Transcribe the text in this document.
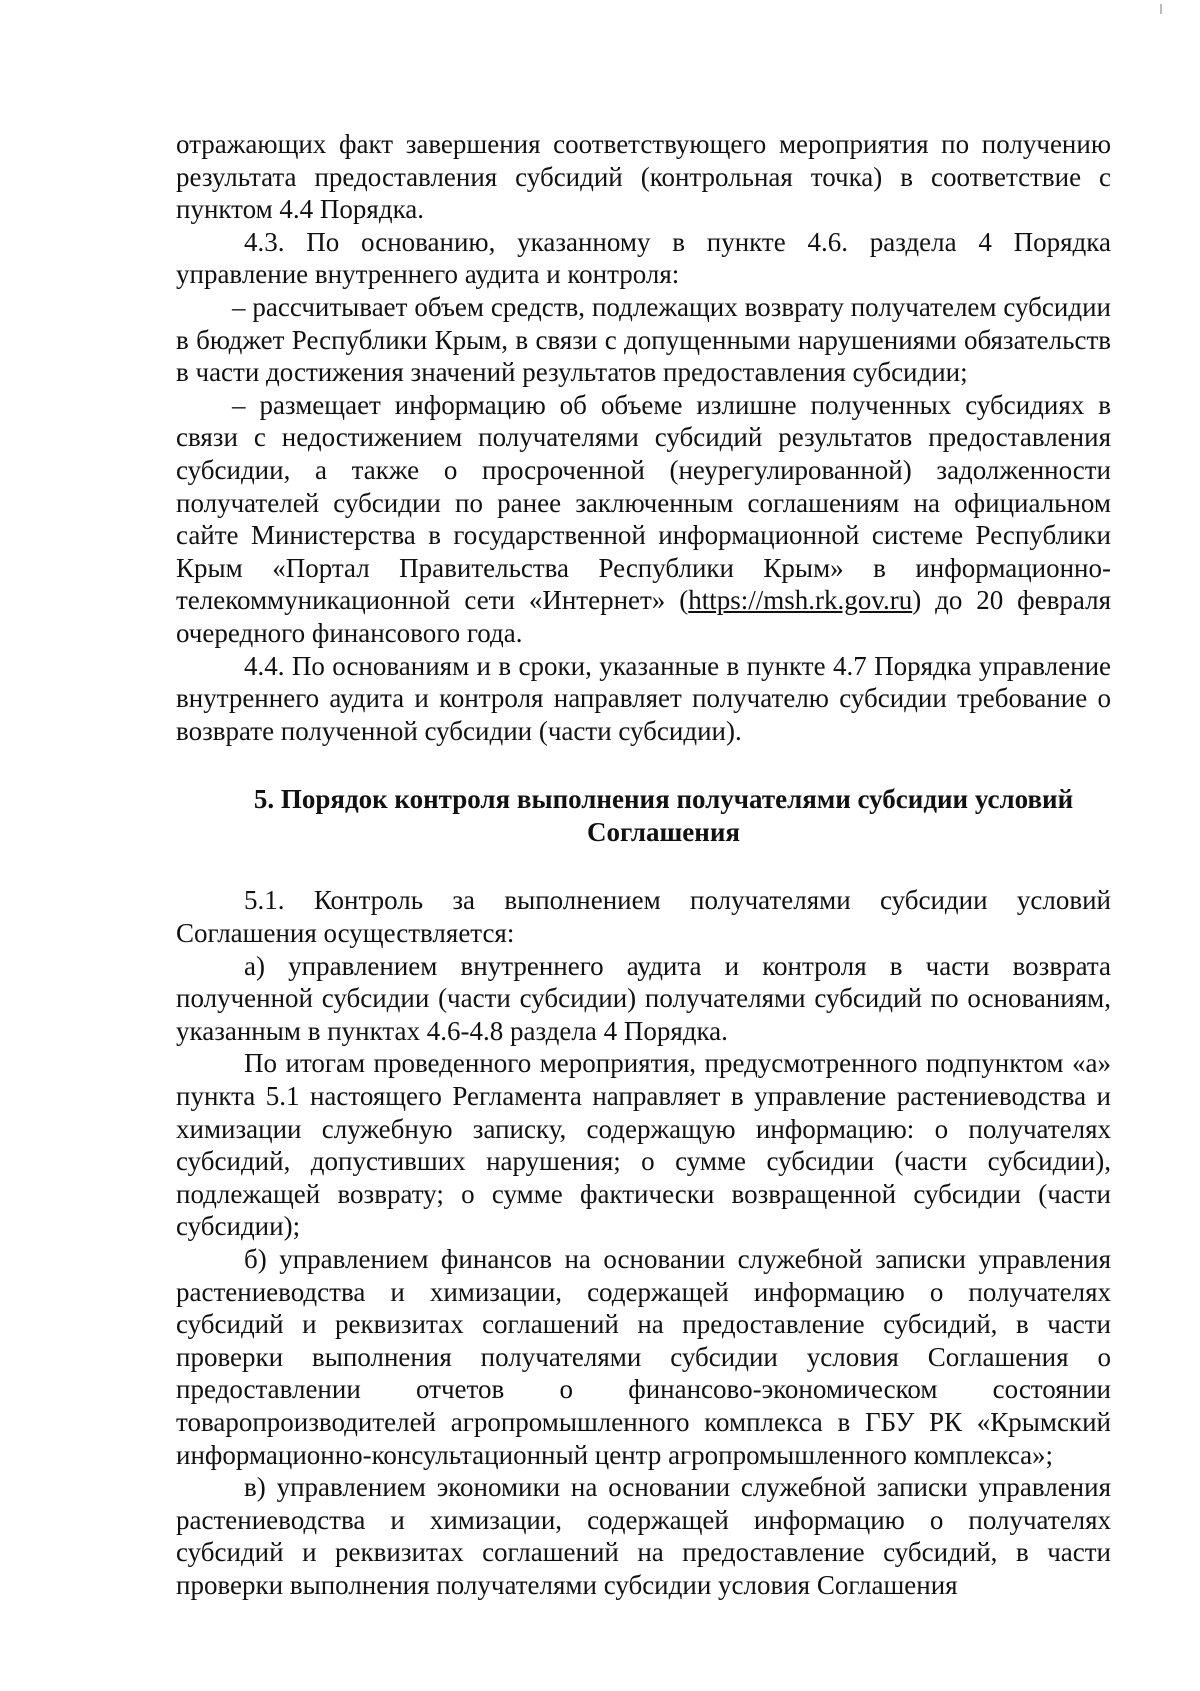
отражающих факт завершения соответствующего мероприятия по получению результата предоставления субсидий (контрольная точка) в соответствие с пунктом 4.4 Порядка.

4.3. По основанию, указанному в пункте 4.6. раздела 4 Порядка управление внутреннего аудита и контроля:

– рассчитывает объем средств, подлежащих возврату получателем субсидии в бюджет Республики Крым, в связи с допущенными нарушениями обязательств в части достижения значений результатов предоставления субсидии;

– размещает информацию об объеме излишне полученных субсидиях в связи с недостижением получателями субсидий результатов предоставления субсидии, а также о просроченной (неурегулированной) задолженности получателей субсидии по ранее заключенным соглашениям на официальном сайте Министерства в государственной информационной системе Республики Крым «Портал Правительства Республики Крым» в информационно-телекоммуникационной сети «Интернет» (https://msh.rk.gov.ru) до 20 февраля очередного финансового года.

4.4. По основаниям и в сроки, указанные в пункте 4.7 Порядка управление внутреннего аудита и контроля направляет получателю субсидии требование о возврате полученной субсидии (части субсидии).

5. Порядок контроля выполнения получателями субсидии условий
Соглашения

5.1. Контроль за выполнением получателями субсидии условий Соглашения осуществляется:

а) управлением внутреннего аудита и контроля в части возврата полученной субсидии (части субсидии) получателями субсидий по основаниям, указанным в пунктах 4.6-4.8 раздела 4 Порядка.

По итогам проведенного мероприятия, предусмотренного подпунктом «а» пункта 5.1 настоящего Регламента направляет в управление растениеводства и химизации служебную записку, содержащую информацию: о получателях субсидий, допустивших нарушения; о сумме субсидии (части субсидии), подлежащей возврату; о сумме фактически возвращенной субсидии (части субсидии);

б) управлением финансов на основании служебной записки управления растениеводства и химизации, содержащей информацию о получателях субсидий и реквизитах соглашений на предоставление субсидий, в части проверки выполнения получателями субсидии условия Соглашения о предоставлении отчетов о финансово-экономическом состоянии товаропроизводителей агропромышленного комплекса в ГБУ РК «Крымский информационно-консультационный центр агропромышленного комплекса»;

в) управлением экономики на основании служебной записки управления растениеводства и химизации, содержащей информацию о получателях субсидий и реквизитах соглашений на предоставление субсидий, в части проверки выполнения получателями субсидии условия Соглашения
